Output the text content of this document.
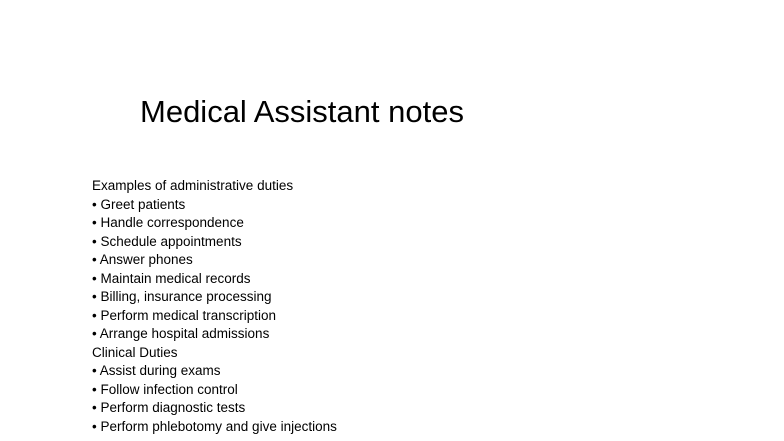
Medical Assistant notes
Examples of administrative duties
• Greet patients
• Handle correspondence
• Schedule appointments
• Answer phones
• Maintain medical records
• Billing, insurance processing
• Perform medical transcription
• Arrange hospital admissions
Clinical Duties
• Assist during exams
• Follow infection control
• Perform diagnostic tests
• Perform phlebotomy and give injections
